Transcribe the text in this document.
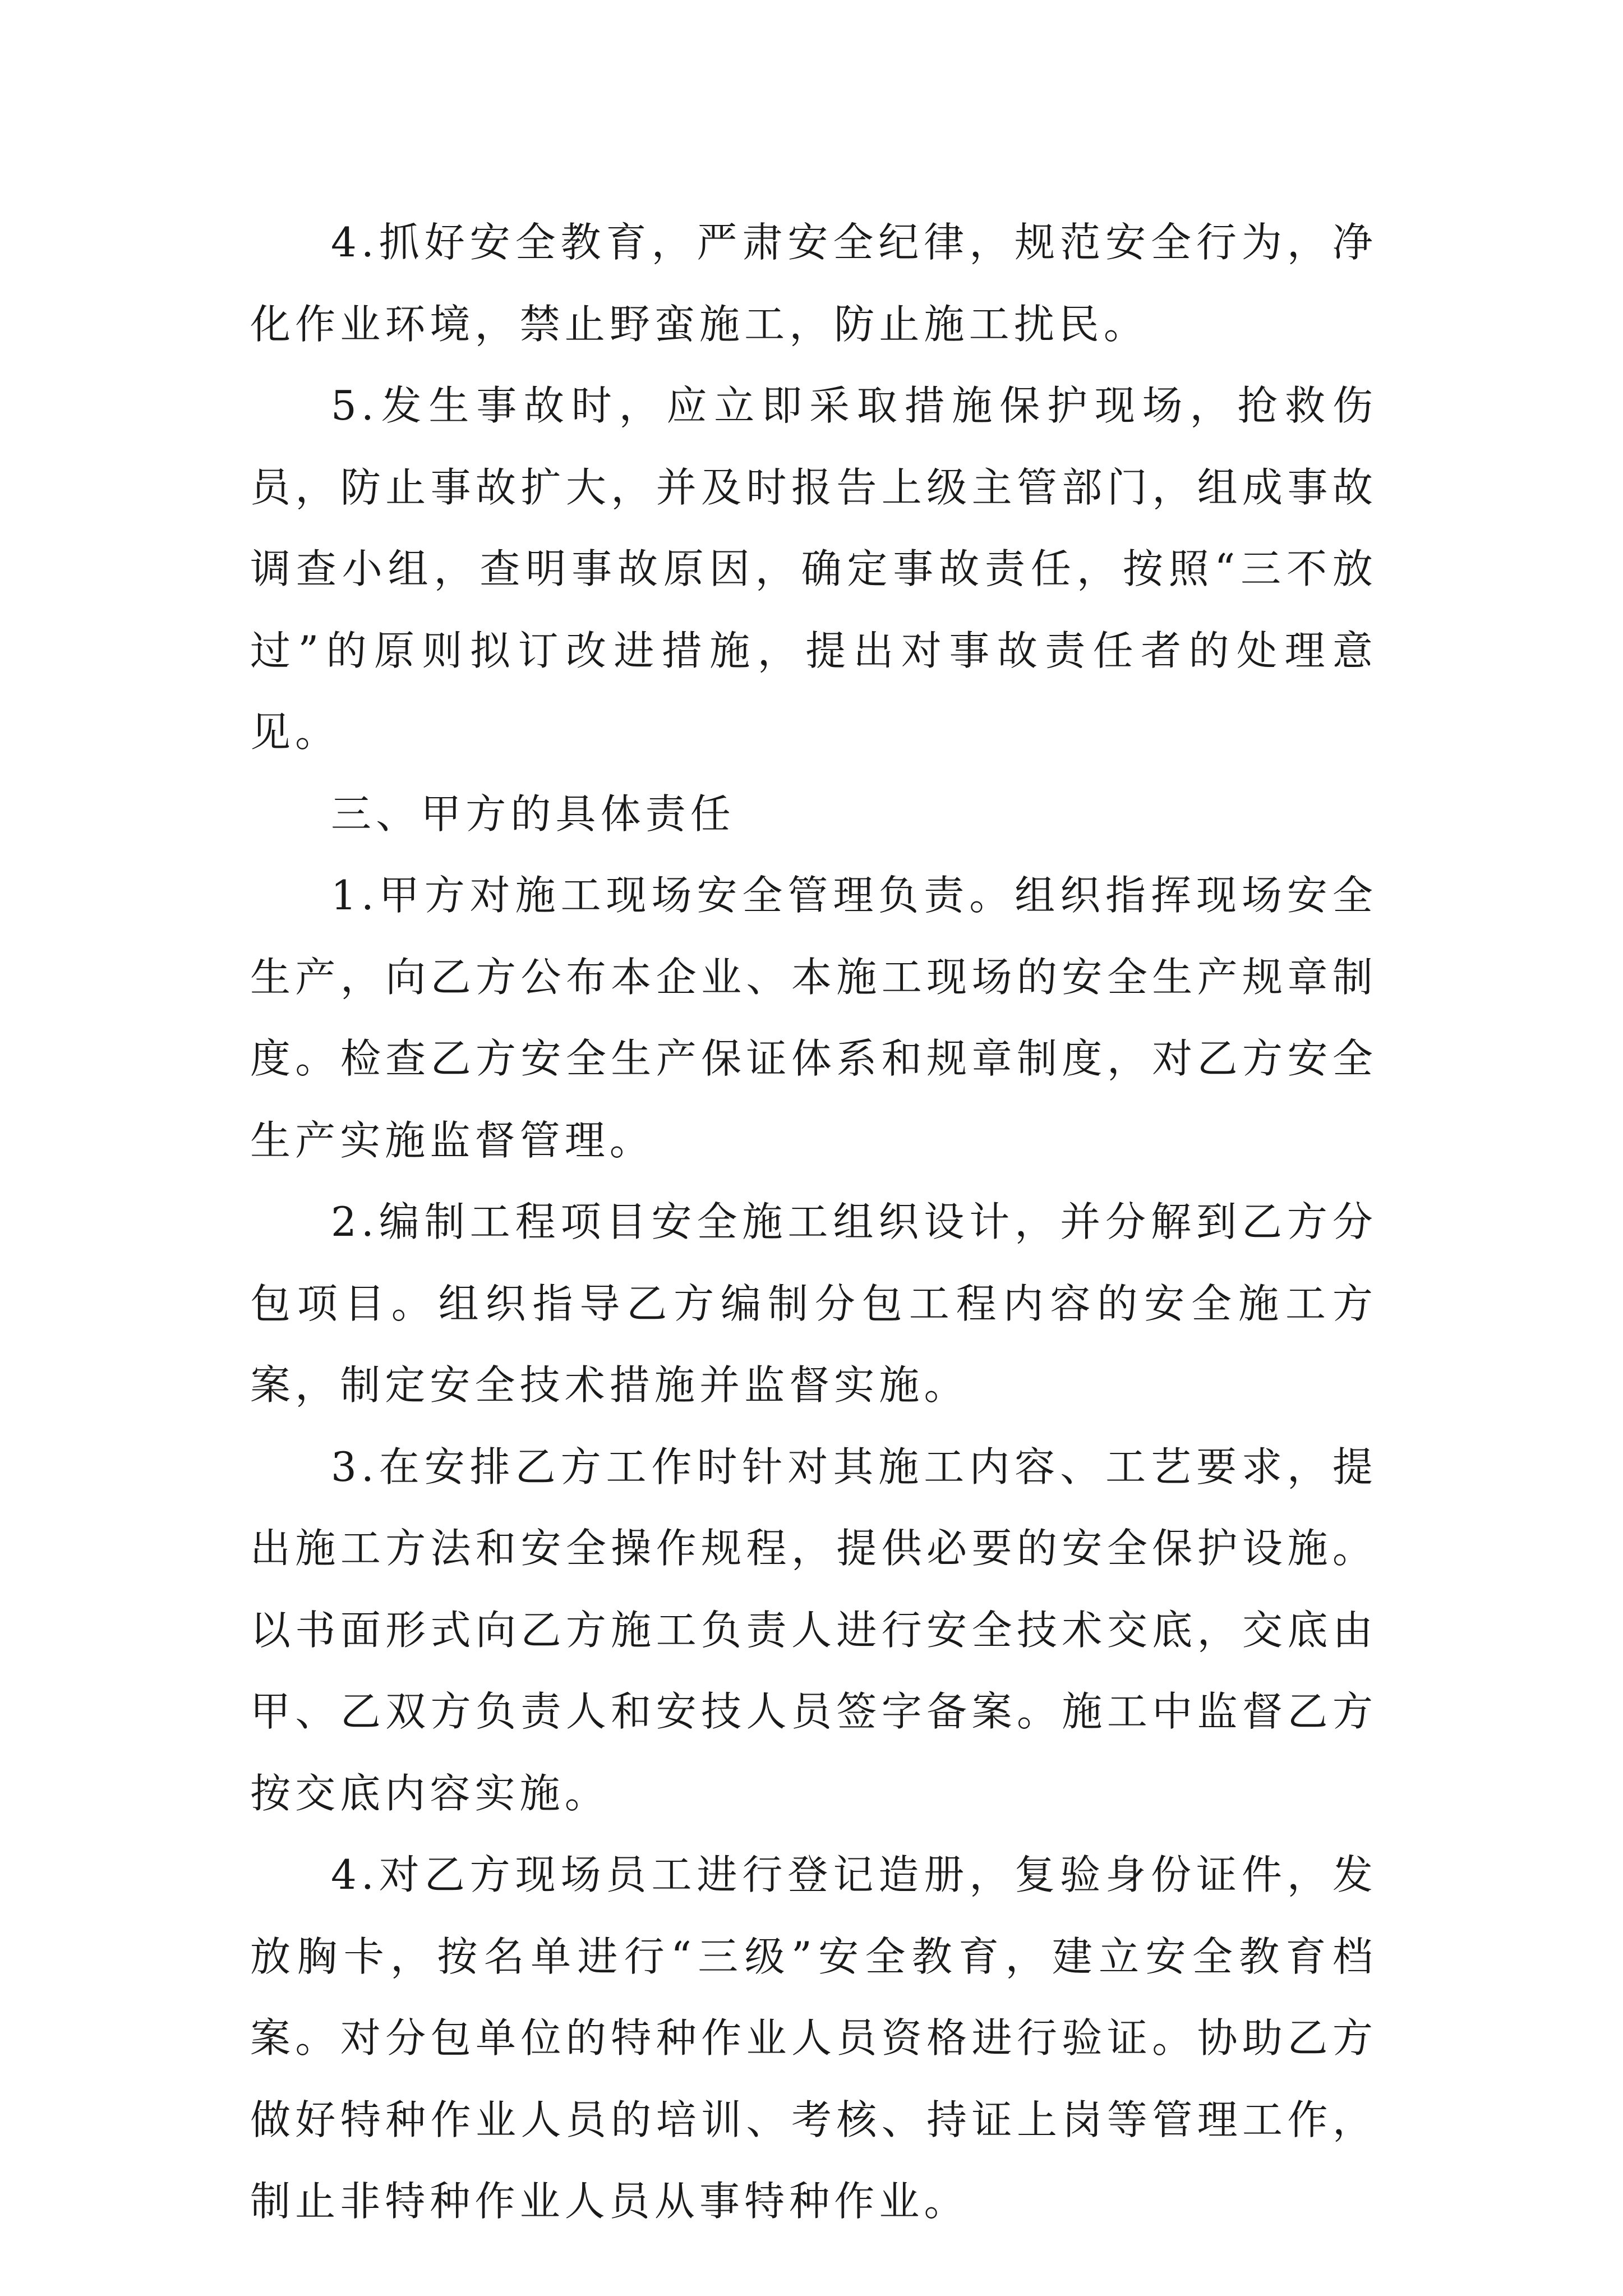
4.抓好安全教育，严肃安全纪律，规范安全行为，净化作业环境，禁止野蛮施工，防止施工扰民。

5.发生事故时，应立即采取措施保护现场，抢救伤员，防止事故扩大，并及时报告上级主管部门，组成事故调查小组，查明事故原因，确定事故责任，按照“三不放过”的原则拟订改进措施，提出对事故责任者的处理意见。

三、甲方的具体责任

1.甲方对施工现场安全管理负责。组织指挥现场安全生产，向乙方公布本企业、本施工现场的安全生产规章制度。检查乙方安全生产保证体系和规章制度，对乙方安全生产实施监督管理。

2.编制工程项目安全施工组织设计，并分解到乙方分包项目。组织指导乙方编制分包工程内容的安全施工方案，制定安全技术措施并监督实施。

3.在安排乙方工作时针对其施工内容、工艺要求，提出施工方法和安全操作规程，提供必要的安全保护设施。以书面形式向乙方施工负责人进行安全技术交底，交底由甲、乙双方负责人和安技人员签字备案。施工中监督乙方按交底内容实施。

4.对乙方现场员工进行登记造册，复验身份证件，发放胸卡，按名单进行“三级”安全教育，建立安全教育档案。对分包单位的特种作业人员资格进行验证。协助乙方做好特种作业人员的培训、考核、持证上岗等管理工作，制止非特种作业人员从事特种作业。
